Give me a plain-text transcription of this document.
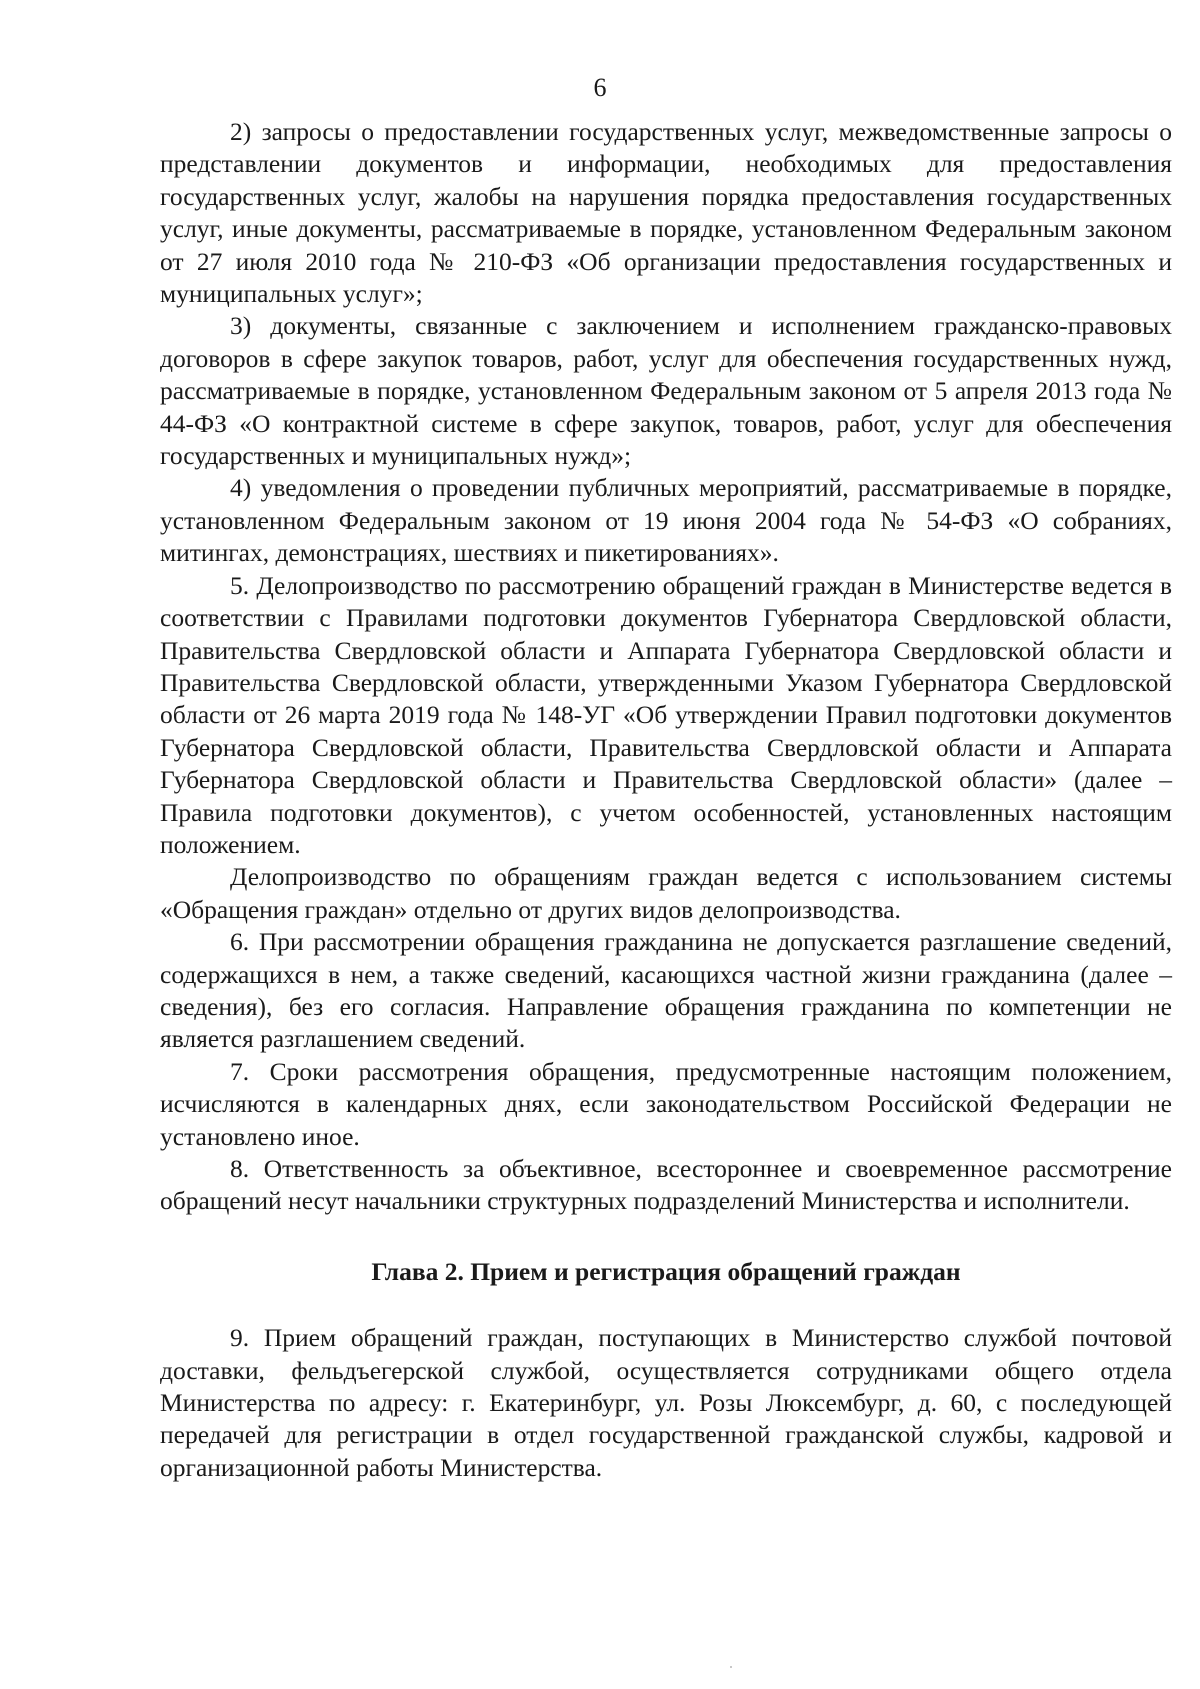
6

2) запросы о предоставлении государственных услуг, межведомственные запросы о представлении документов и информации, необходимых для предоставления государственных услуг, жалобы на нарушения порядка предоставления государственных услуг, иные документы, рассматриваемые в порядке, установленном Федеральным законом от 27 июля 2010 года № 210-ФЗ «Об организации предоставления государственных и муниципальных услуг»;

3) документы, связанные с заключением и исполнением гражданско-правовых договоров в сфере закупок товаров, работ, услуг для обеспечения государственных нужд, рассматриваемые в порядке, установленном Федеральным законом от 5 апреля 2013 года № 44-ФЗ «О контрактной системе в сфере закупок, товаров, работ, услуг для обеспечения государственных и муниципальных нужд»;

4) уведомления о проведении публичных мероприятий, рассматриваемые в порядке, установленном Федеральным законом от 19 июня 2004 года № 54-ФЗ «О собраниях, митингах, демонстрациях, шествиях и пикетированиях».

5. Делопроизводство по рассмотрению обращений граждан в Министерстве ведется в соответствии с Правилами подготовки документов Губернатора Свердловской области, Правительства Свердловской области и Аппарата Губернатора Свердловской области и Правительства Свердловской области, утвержденными Указом Губернатора Свердловской области от 26 марта 2019 года № 148-УГ «Об утверждении Правил подготовки документов Губернатора Свердловской области, Правительства Свердловской области и Аппарата Губернатора Свердловской области и Правительства Свердловской области» (далее – Правила подготовки документов), с учетом особенностей, установленных настоящим положением.

Делопроизводство по обращениям граждан ведется с использованием системы «Обращения граждан» отдельно от других видов делопроизводства.

6. При рассмотрении обращения гражданина не допускается разглашение сведений, содержащихся в нем, а также сведений, касающихся частной жизни гражданина (далее – сведения), без его согласия. Направление обращения гражданина по компетенции не является разглашением сведений.

7. Сроки рассмотрения обращения, предусмотренные настоящим положением, исчисляются в календарных днях, если законодательством Российской Федерации не установлено иное.

8. Ответственность за объективное, всестороннее и своевременное рассмотрение обращений несут начальники структурных подразделений Министерства и исполнители.

Глава 2. Прием и регистрация обращений граждан

9. Прием обращений граждан, поступающих в Министерство службой почтовой доставки, фельдъегерской службой, осуществляется сотрудниками общего отдела Министерства по адресу: г. Екатеринбург, ул. Розы Люксембург, д. 60, с последующей передачей для регистрации в отдел государственной гражданской службы, кадровой и организационной работы Министерства.
